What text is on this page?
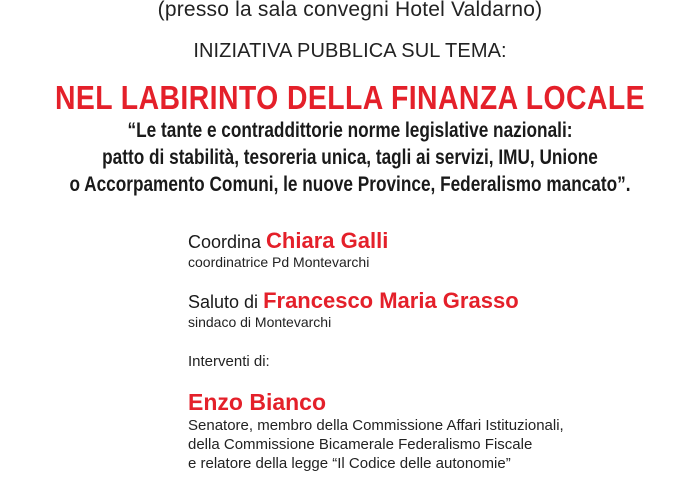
(presso la sala convegni Hotel Valdarno)
INIZIATIVA PUBBLICA SUL TEMA:
NEL LABIRINTO DELLA FINANZA LOCALE
“Le tante e contraddittorie norme legislative nazionali:
patto di stabilità, tesoreria unica, tagli ai servizi, IMU, Unione
o Accorpamento Comuni, le nuove Province, Federalismo mancato”.
Coordina Chiara Galli
coordinatrice Pd Montevarchi
Saluto di Francesco Maria Grasso
sindaco di Montevarchi
Interventi di:
Enzo Bianco
Senatore, membro della Commissione Affari Istituzionali,
della Commissione Bicamerale Federalismo Fiscale
e relatore della legge “Il Codice delle autonomie”
